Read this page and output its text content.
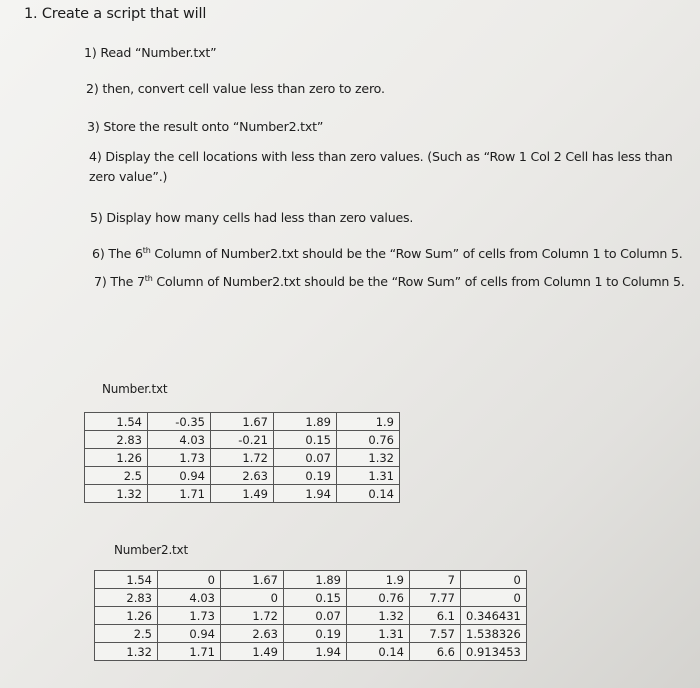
1. Create a script that will
1) Read “Number.txt”
2) then, convert cell value less than zero to zero.
3) Store the result onto “Number2.txt”
4) Display the cell locations with less than zero values. (Such as “Row 1 Col 2 Cell has less than zero value”.)
5) Display how many cells had less than zero values.
6) The 6th Column of Number2.txt should be the “Row Sum” of cells from Column 1 to Column 5.
7) The 7th Column of Number2.txt should be the “Row Sum” of cells from Column 1 to Column 5.
Number.txt
1.54	-0.35	1.67	1.89	1.9
2.83	4.03	-0.21	0.15	0.76
1.26	1.73	1.72	0.07	1.32
2.5	0.94	2.63	0.19	1.31
1.32	1.71	1.49	1.94	0.14
Number2.txt
1.54	0	1.67	1.89	1.9	7	0
2.83	4.03	0	0.15	0.76	7.77	0
1.26	1.73	1.72	0.07	1.32	6.1	0.346431
2.5	0.94	2.63	0.19	1.31	7.57	1.538326
1.32	1.71	1.49	1.94	0.14	6.6	0.913453
